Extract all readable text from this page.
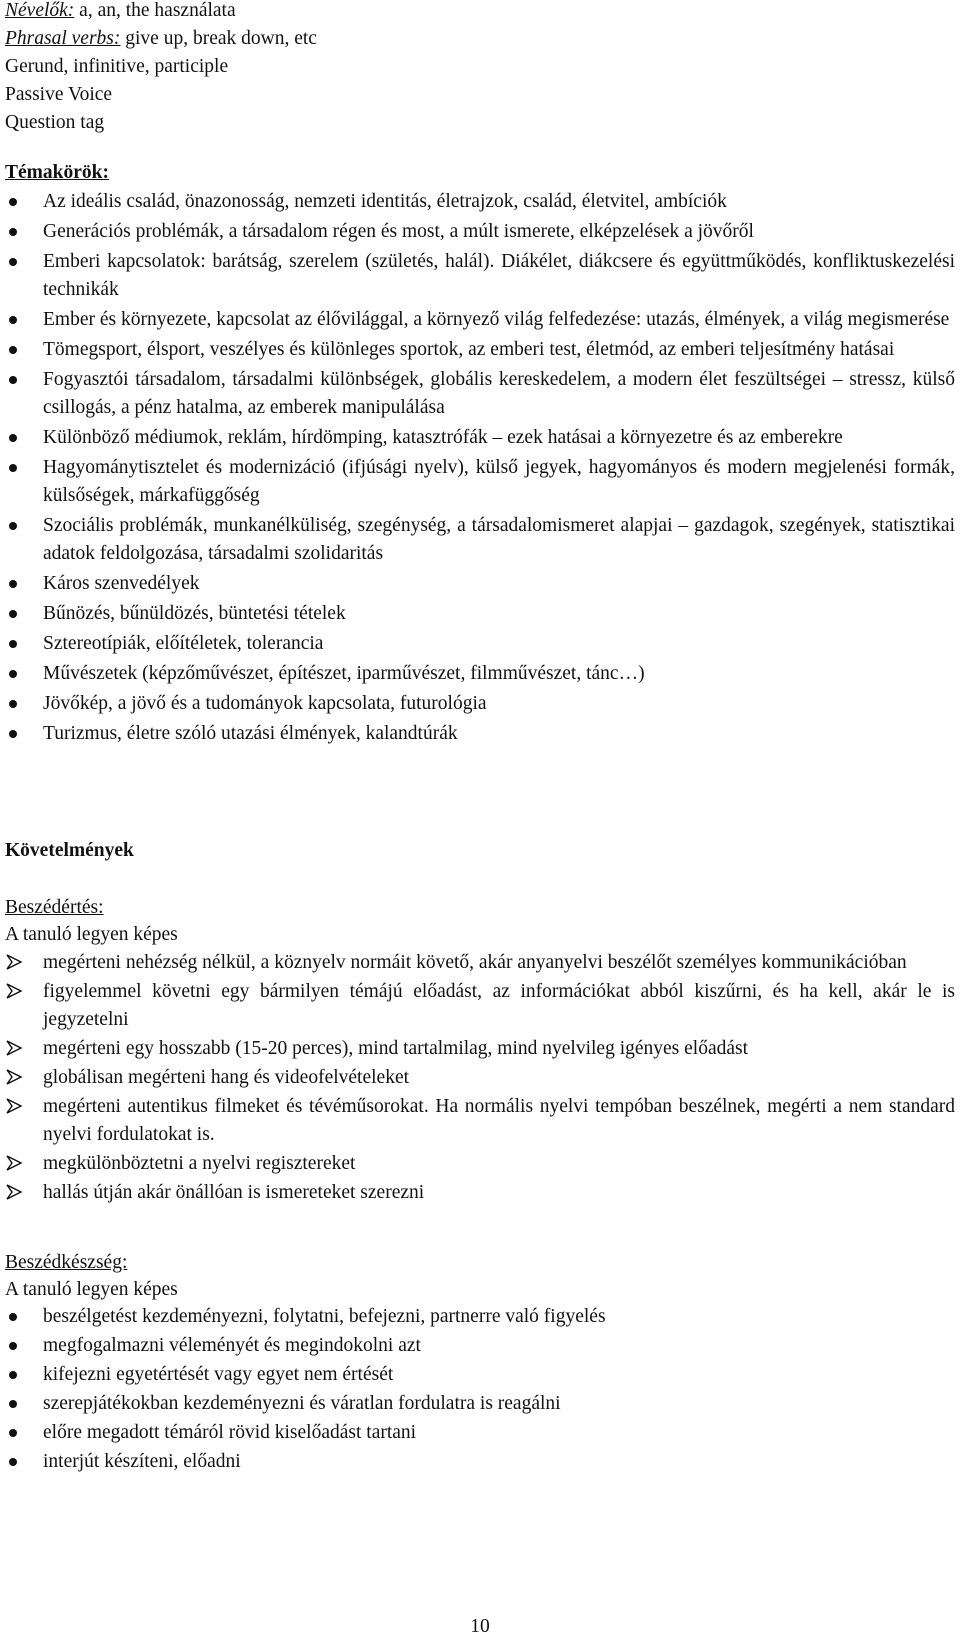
Névelők: a, an, the használata
Phrasal verbs: give up, break down, etc
Gerund, infinitive, participle
Passive Voice
Question tag
Témakörök:
Az ideális család, önazonosság, nemzeti identitás, életrajzok, család, életvitel, ambíciók
Generációs problémák, a társadalom régen és most, a múlt ismerete, elképzelések a jövőről
Emberi kapcsolatok: barátság, szerelem (születés, halál). Diákélet, diákcsere és együttműködés, konfliktuskezelési technikák
Ember és környezete, kapcsolat az élővilággal, a környező világ felfedezése: utazás, élmények, a világ megismerése
Tömegsport, élsport, veszélyes és különleges sportok, az emberi test, életmód, az emberi teljesítmény hatásai
Fogyasztói társadalom, társadalmi különbségek, globális kereskedelem, a modern élet feszültségei – stressz, külső csillogás, a pénz hatalma, az emberek manipulálása
Különböző médiumok, reklám, hírdömping, katasztrófák – ezek hatásai a környezetre és az emberekre
Hagyománytisztelet és modernizáció (ifjúsági nyelv), külső jegyek, hagyományos és modern megjelenési formák, külsőségek, márkafüggőség
Szociális problémák, munkanélküliség, szegénység, a társadalomismeret alapjai – gazdagok, szegények, statisztikai adatok feldolgozása, társadalmi szolidaritás
Káros szenvedélyek
Bűnözés, bűnüldözés, büntetési tételek
Sztereotípiák, előítéletek, tolerancia
Művészetek (képzőművészet, építészet, iparművészet, filmművészet, tánc…)
Jövőkép, a jövő és a tudományok kapcsolata, futurológia
Turizmus, életre szóló utazási élmények, kalandtúrák
Követelmények
Beszédértés:
A tanuló legyen képes
megérteni nehézség nélkül, a köznyelv normáit követő, akár anyanyelvi beszélőt személyes kommunikációban
figyelemmel követni egy bármilyen témájú előadást, az információkat abból kiszűrni, és ha kell, akár le is jegyzetelni
megérteni egy hosszabb (15-20 perces), mind tartalmilag, mind nyelvileg igényes előadást
globálisan megérteni hang és videofelvételeket
megérteni autentikus filmeket és tévéműsorokat. Ha normális nyelvi tempóban beszélnek, megérti a nem standard nyelvi fordulatokat is.
megkülönböztetni a nyelvi regisztereket
hallás útján akár önállóan is ismereteket szerezni
Beszédkészség:
A tanuló legyen képes
beszélgetést kezdeményezni, folytatni, befejezni, partnerre való figyelés
megfogalmazni véleményét és megindokolni azt
kifejezni egyetértését vagy egyet nem értését
szerepjátékokban kezdeményezni és váratlan fordulatra is reagálni
előre megadott témáról rövid kiselőadást tartani
interjút készíteni, előadni
10
